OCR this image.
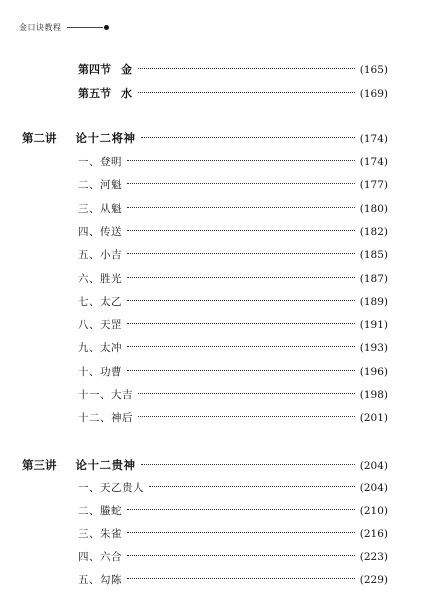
金口诀教程
第四节 金	(165)
第五节 水	(169)
第二讲 论十二将神	(174)
一、登明	(174)
二、河魁	(177)
三、从魁	(180)
四、传送	(182)
五、小吉	(185)
六、胜光	(187)
七、太乙	(189)
八、天罡	(191)
九、太冲	(193)
十、功曹	(196)
十一、大吉	(198)
十二、神后	(201)
第三讲 论十二贵神	(204)
一、天乙贵人	(204)
二、螣蛇	(210)
三、朱雀	(216)
四、六合	(223)
五、勾陈	(229)
